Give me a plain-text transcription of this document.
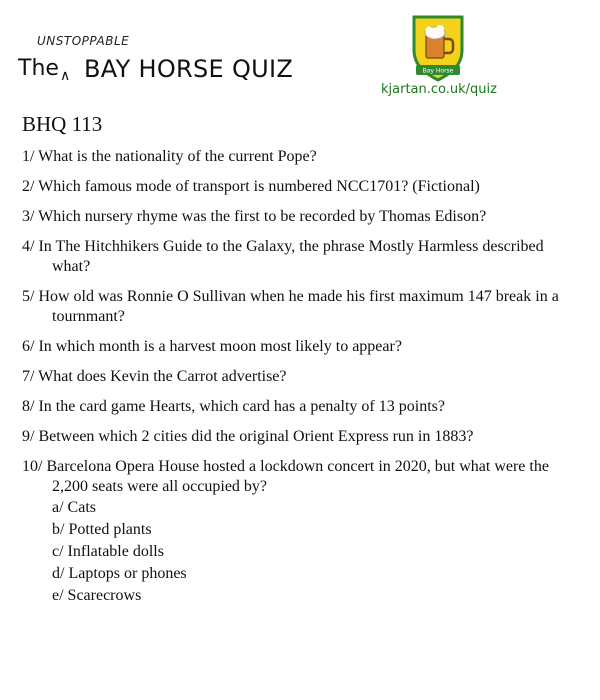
UNSTOPPABLE
The ∧ BAY HORSE QUIZ	Bay Horse
kjartan.co.uk/quiz
BHQ 113
1/ What is the nationality of the current Pope?
2/ Which famous mode of transport is numbered NCC1701? (Fictional)
3/ Which nursery rhyme was the first to be recorded by Thomas Edison?
4/ In The Hitchhikers Guide to the Galaxy, the phrase Mostly Harmless described what?
5/ How old was Ronnie O Sullivan when he made his first maximum 147 break in a tournmant?
6/ In which month is a harvest moon most likely to appear?
7/ What does Kevin the Carrot advertise?
8/ In the card game Hearts, which card has a penalty of 13 points?
9/ Between which 2 cities did the original Orient Express run in 1883?
10/ Barcelona Opera House hosted a lockdown concert in 2020, but what were the 2,200 seats were all occupied by?
a/ Cats
b/ Potted plants
c/ Inflatable dolls
d/ Laptops or phones
e/ Scarecrows
